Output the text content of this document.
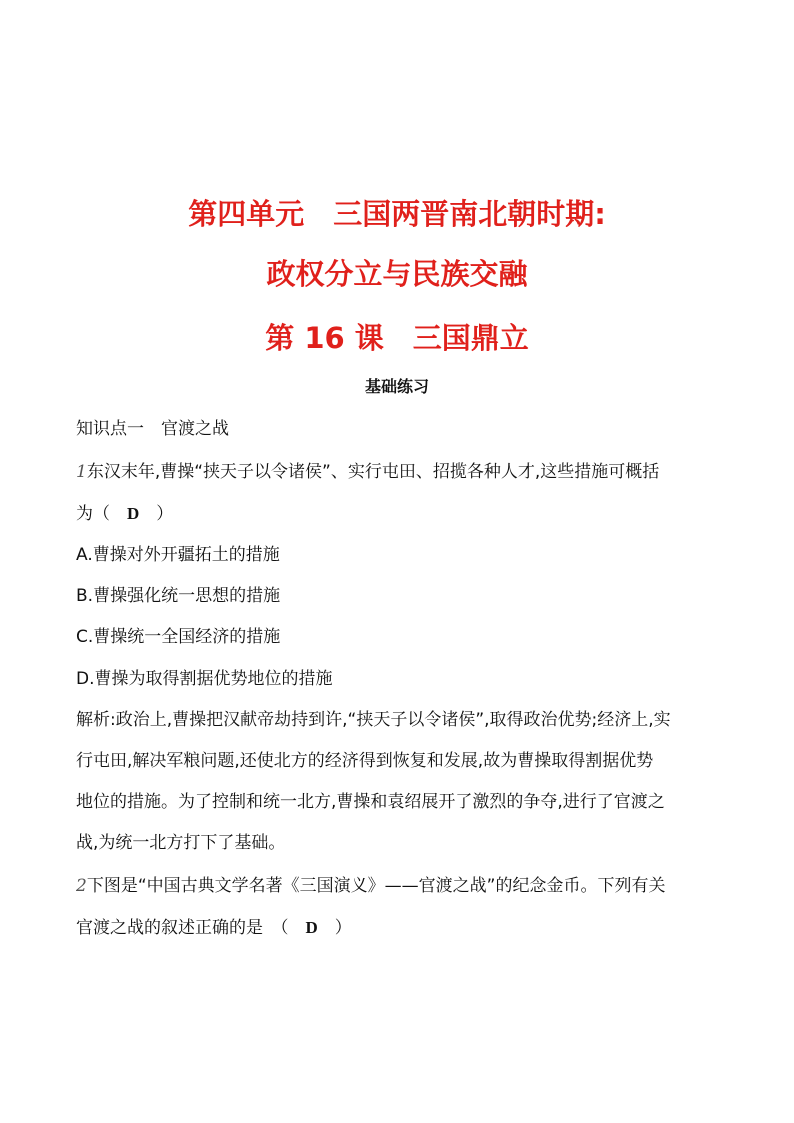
第四单元　三国两晋南北朝时期:
政权分立与民族交融
第 16 课　三国鼎立
基础练习
知识点一　官渡之战
1东汉末年,曹操“挟天子以令诸侯”、实行屯田、招揽各种人才,这些措施可概括
为（　D　）
A.曹操对外开疆拓土的措施
B.曹操强化统一思想的措施
C.曹操统一全国经济的措施
D.曹操为取得割据优势地位的措施
解析:政治上,曹操把汉献帝劫持到许,“挟天子以令诸侯”,取得政治优势;经济上,实
行屯田,解决军粮问题,还使北方的经济得到恢复和发展,故为曹操取得割据优势
地位的措施。为了控制和统一北方,曹操和袁绍展开了激烈的争夺,进行了官渡之
战,为统一北方打下了基础。
2下图是“中国古典文学名著《三国演义》——官渡之战”的纪念金币。下列有关
官渡之战的叙述正确的是　（　D　）
